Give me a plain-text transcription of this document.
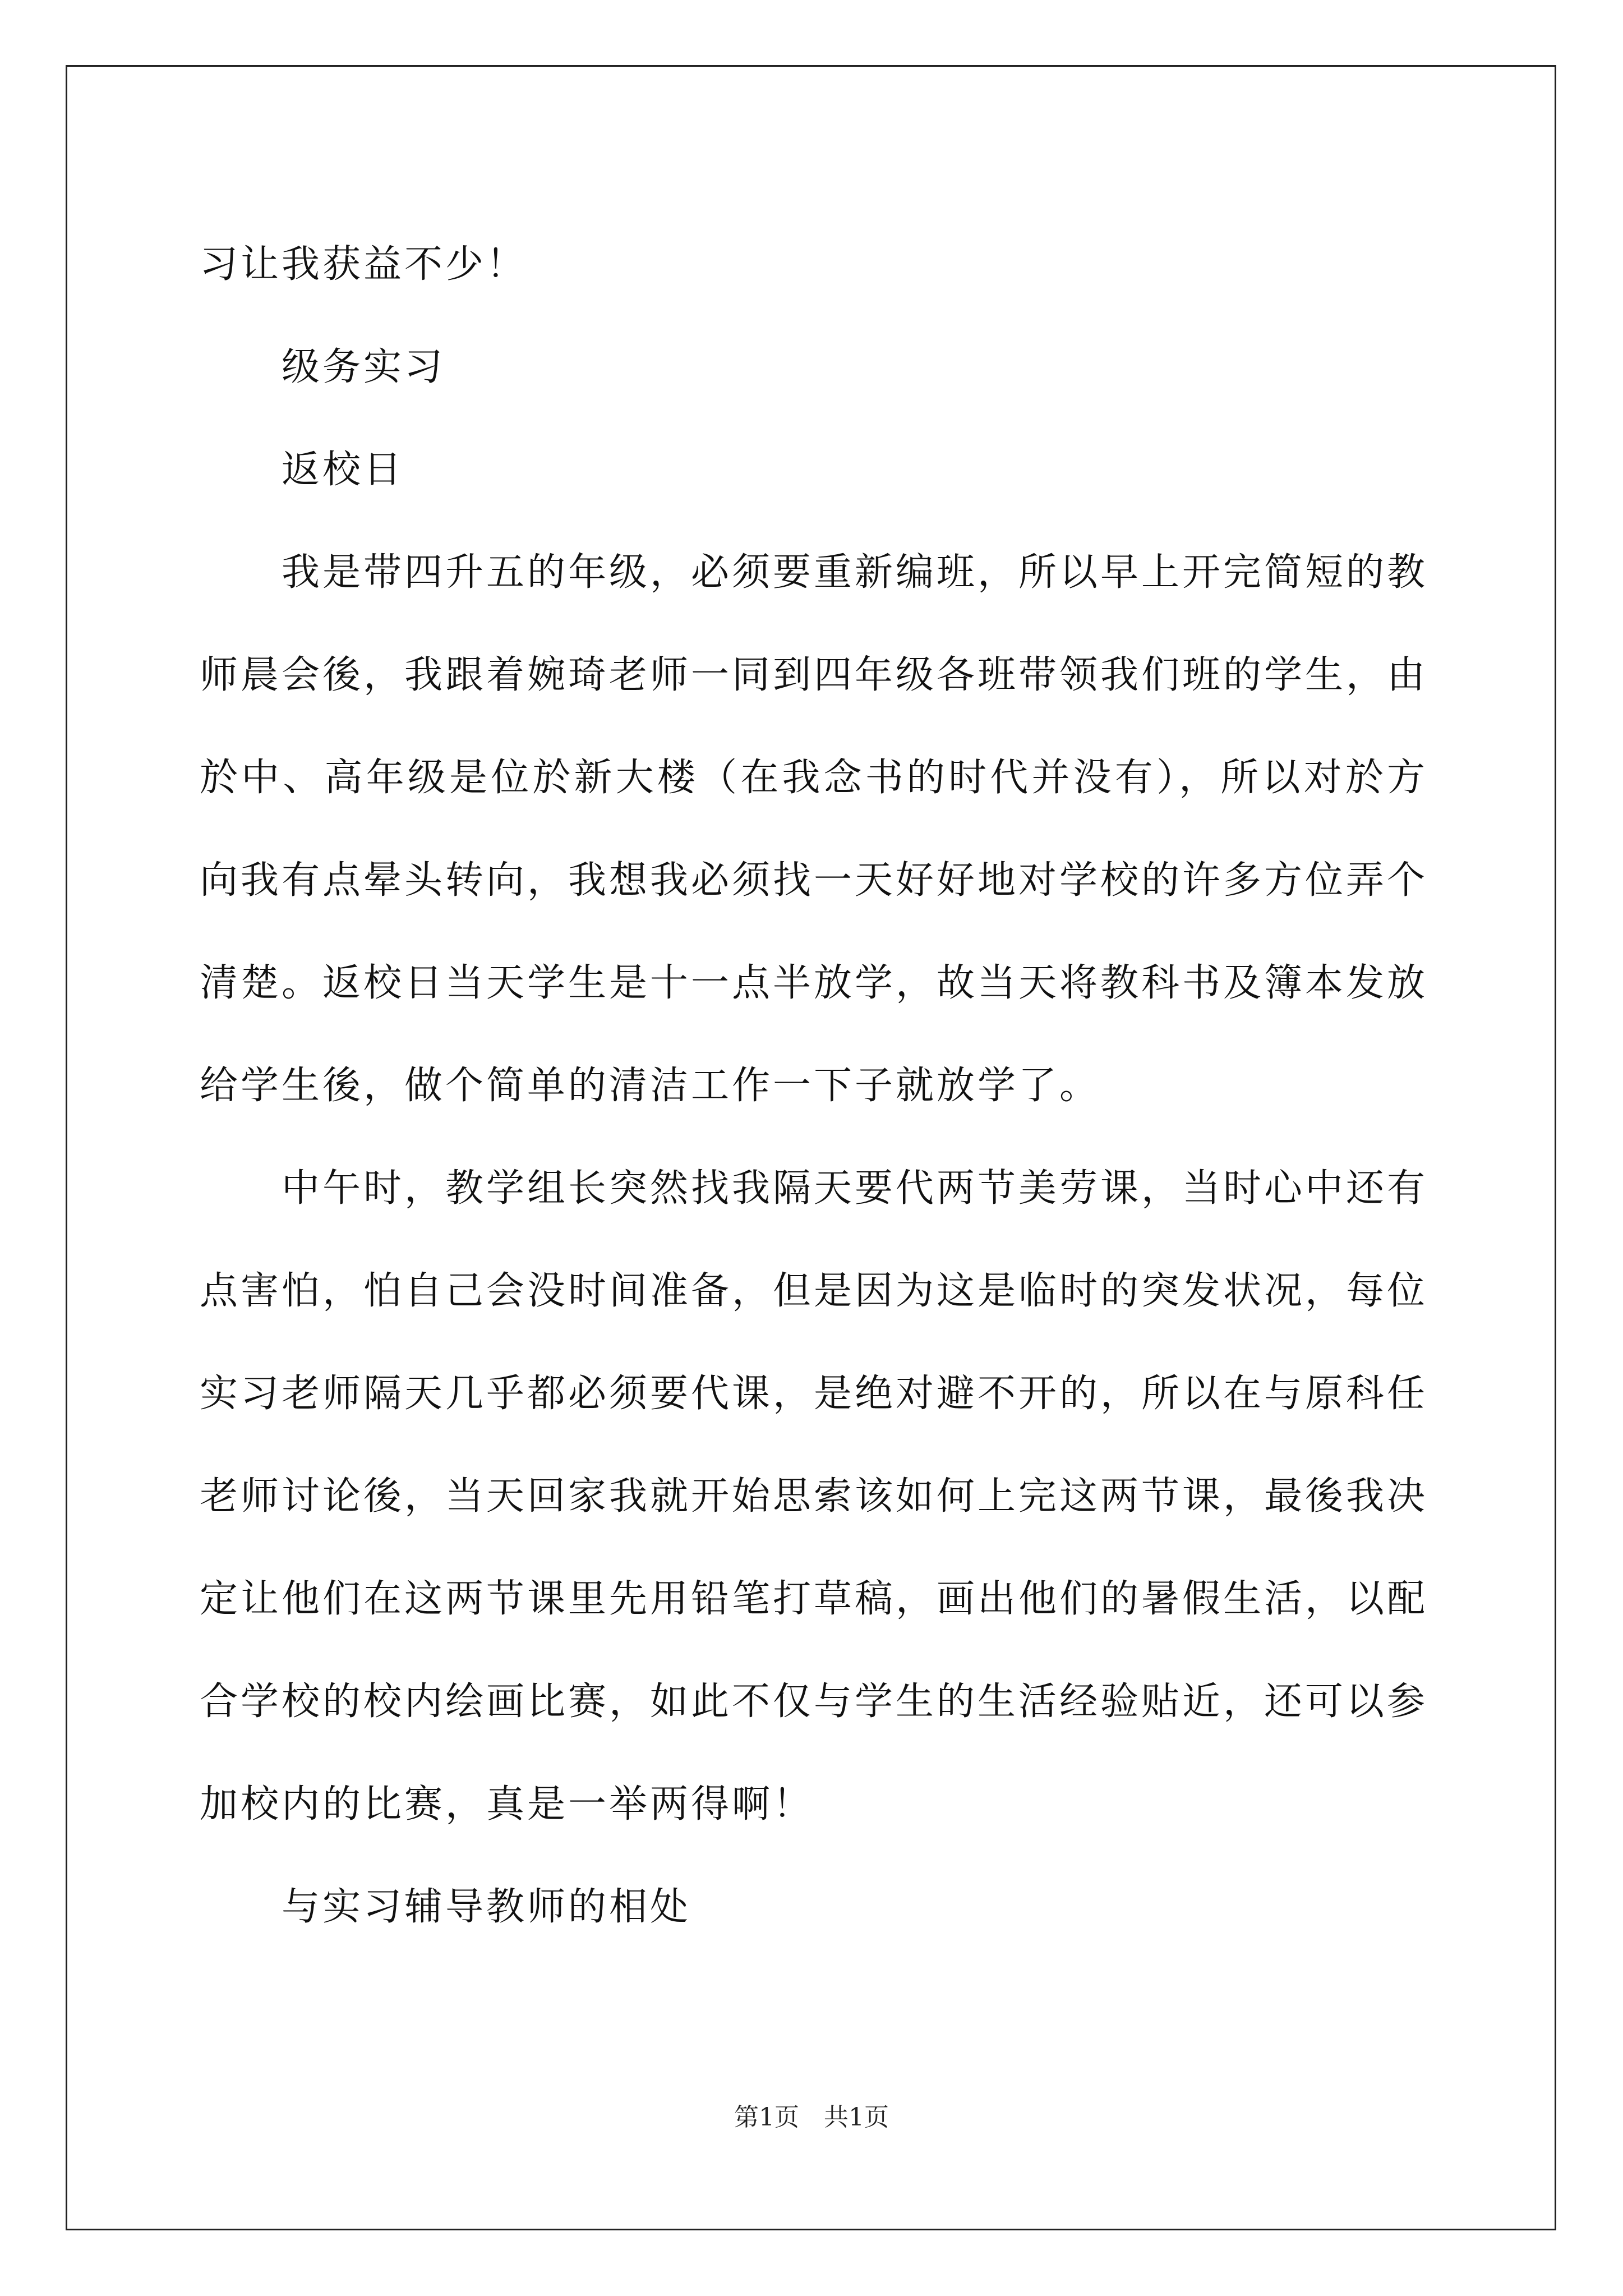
习让我获益不少！

级务实习

返校日

我是带四升五的年级，必须要重新编班，所以早上开完简短的教师晨会後，我跟着婉琦老师一同到四年级各班带领我们班的学生，由於中、高年级是位於新大楼（在我念书的时代并没有），所以对於方向我有点晕头转向，我想我必须找一天好好地对学校的许多方位弄个清楚。返校日当天学生是十一点半放学，故当天将教科书及簿本发放给学生後，做个简单的清洁工作一下子就放学了。

中午时，教学组长突然找我隔天要代两节美劳课，当时心中还有点害怕，怕自己会没时间准备，但是因为这是临时的突发状况，每位实习老师隔天几乎都必须要代课，是绝对避不开的，所以在与原科任老师讨论後，当天回家我就开始思索该如何上完这两节课，最後我决定让他们在这两节课里先用铅笔打草稿，画出他们的暑假生活，以配合学校的校内绘画比赛，如此不仅与学生的生活经验贴近，还可以参加校内的比赛，真是一举两得啊！

与实习辅导教师的相处

第1页　共1页
